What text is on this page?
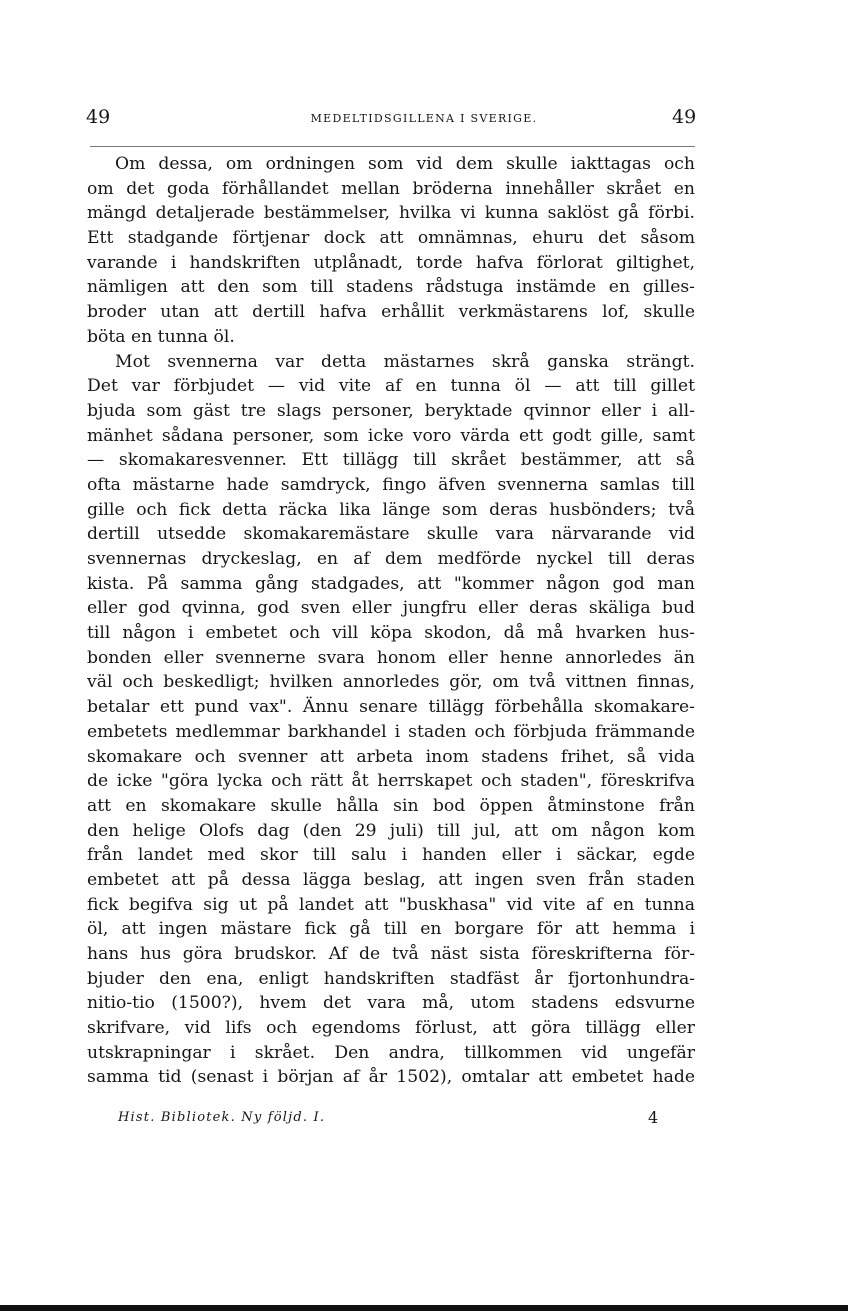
49	MEDELTIDSGILLENA I SVERIGE.	49

Om dessa, om ordningen som vid dem skulle iakttagas och
om det goda förhållandet mellan bröderna innehåller skrået en
mängd detaljerade bestämmelser, hvilka vi kunna saklöst gå förbi.
Ett stadgande förtjenar dock att omnämnas, ehuru det såsom
varande i handskriften utplånadt, torde hafva förlorat giltighet,
nämligen att den som till stadens rådstuga instämde en gilles-
broder utan att dertill hafva erhållit verkmästarens lof, skulle
böta en tunna öl.
Mot svennerna var detta mästarnes skrå ganska strängt.
Det var förbjudet — vid vite af en tunna öl — att till gillet
bjuda som gäst tre slags personer, beryktade qvinnor eller i all-
mänhet sådana personer, som icke voro värda ett godt gille, samt
— skomakaresvenner. Ett tillägg till skrået bestämmer, att så
ofta mästarne hade samdryck, fingo äfven svennerna samlas till
gille och fick detta räcka lika länge som deras husbönders; två
dertill utsedde skomakaremästare skulle vara närvarande vid
svennernas dryckeslag, en af dem medförde nyckel till deras
kista. På samma gång stadgades, att "kommer någon god man
eller god qvinna, god sven eller jungfru eller deras skäliga bud
till någon i embetet och vill köpa skodon, då må hvarken hus-
bonden eller svennerne svara honom eller henne annorledes än
väl och beskedligt; hvilken annorledes gör, om två vittnen finnas,
betalar ett pund vax". Ännu senare tillägg förbehålla skomakare-
embetets medlemmar barkhandel i staden och förbjuda främmande
skomakare och svenner att arbeta inom stadens frihet, så vida
de icke "göra lycka och rätt åt herrskapet och staden", föreskrifva
att en skomakare skulle hålla sin bod öppen åtminstone från
den helige Olofs dag (den 29 juli) till jul, att om någon kom
från landet med skor till salu i handen eller i säckar, egde
embetet att på dessa lägga beslag, att ingen sven från staden
fick begifva sig ut på landet att "buskhasa" vid vite af en tunna
öl, att ingen mästare fick gå till en borgare för att hemma i
hans hus göra brudskor. Af de två näst sista föreskrifterna för-
bjuder den ena, enligt handskriften stadfäst år fjortonhundra-
nitio-tio (1500?), hvem det vara må, utom stadens edsvurne
skrifvare, vid lifs och egendoms förlust, att göra tillägg eller
utskrapningar i skrået. Den andra, tillkommen vid ungefär
samma tid (senast i början af år 1502), omtalar att embetet hade

Hist. Bibliotek. Ny följd. I.	4
